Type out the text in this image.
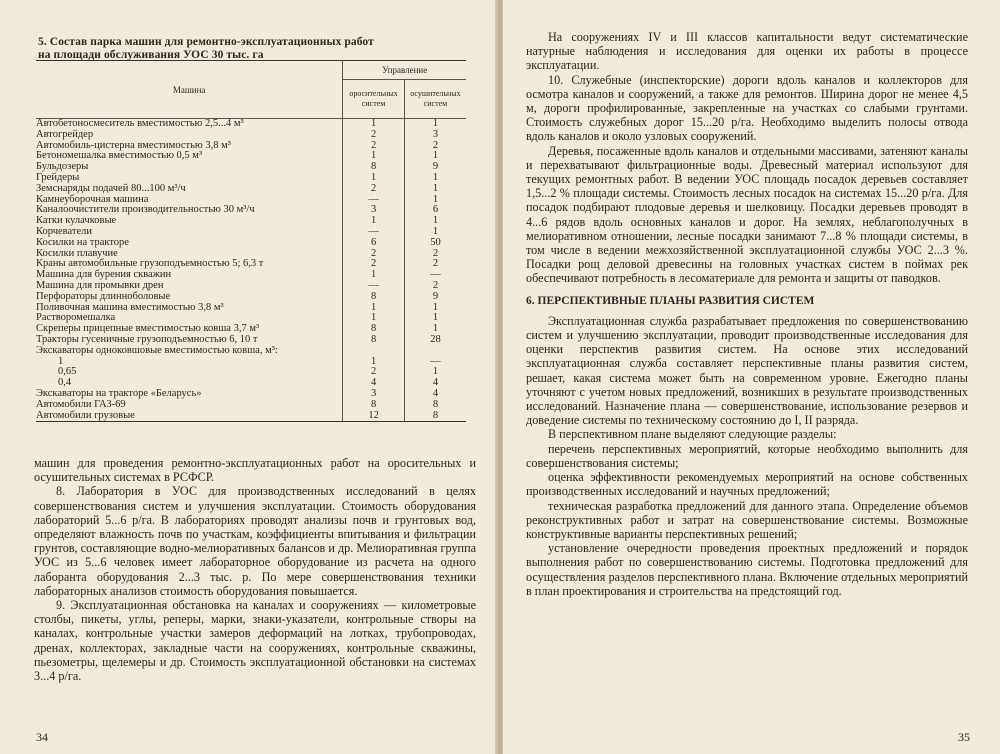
5. Состав парка машин для ремонтно-эксплуатационных работ
на площади обслуживания УОС 30 тыс. га
Машина	Управление	
	оросительных систем	осушительных систем
Автобетоносмеситель вместимостью 2,5...4 м³	1	1
Автогрейдер	2	3
Автомобиль-цистерна вместимостью 3,8 м³	2	2
Бетономешалка вместимостью 0,5 м³	1	1
Бульдозеры	8	9
Грейдеры	1	1
Земснаряды подачей 80...100 м³/ч	2	1
Камнеуборочная машина	—	1
Каналоочистители производительностью 30 м³/ч	3	6
Катки кулачковые	1	1
Корчеватели	—	1
Косилки на тракторе	6	50
Косилки плавучие	2	2
Краны автомобильные грузоподъемностью 5; 6,3 т	2	2
Машина для бурения скважин	1	—
Машина для промывки дрен	—	2
Перфораторы длинноболовые	8	9
Поливочная машина вместимостью 3,8 м³	1	1
Растворомешалка	1	1
Скреперы прицепные вместимостью ковша 3,7 м³	8	1
Тракторы гусеничные грузоподъемностью 6, 10 т	8	28
Экскаваторы одноковшовые вместимостью ковша, м³:		
1	1	—
0,65	2	1
0,4	4	4
Экскаваторы на тракторе «Беларусь»	3	4
Автомобили ГАЗ-69	8	8
Автомобили грузовые	12	8

машин для проведения ремонтно-эксплуатационных работ на оросительных и осушительных системах в РСФСР.

8. Лаборатория в УОС для производственных исследований в целях совершенствования систем и улучшения эксплуатации. Стоимость оборудования лабораторий 5...6 р/га. В лабораториях проводят анализы почв и грунтовых вод, определяют влажность почв по участкам, коэффициенты впитывания и фильтрации грунтов, составляющие водно-мелиоративных балансов и др. Мелиоративная группа УОС из 5...6 человек имеет лабораторное оборудование из расчета на одного лаборанта оборудования 2...3 тыс. р. По мере совершенствования техники лабораторных анализов стоимость оборудования повышается.

9. Эксплуатационная обстановка на каналах и сооружениях — километровые столбы, пикеты, углы, реперы, марки, знаки-указатели, контрольные створы на каналах, контрольные участки замеров деформаций на лотках, трубопроводах, дренах, коллекторах, закладные части на сооружениях, контрольные скважины, пьезометры, щелемеры и др. Стоимость эксплуатационной обстановки на системах 3...4 р/га.

34

На сооружениях IV и III классов капитальности ведут систематические натурные наблюдения и исследования для оценки их работы в процессе эксплуатации.

10. Служебные (инспекторские) дороги вдоль каналов и коллекторов для осмотра каналов и сооружений, а также для ремонтов. Ширина дорог не менее 4,5 м, дороги профилированные, закрепленные на участках со слабыми грунтами. Стоимость служебных дорог 15...20 р/га. Необходимо выделить полосы отвода вдоль каналов и около узловых сооружений.

Деревья, посаженные вдоль каналов и отдельными массивами, затеняют каналы и перехватывают фильтрационные воды. Древесный материал используют для текущих ремонтных работ. В ведении УОС площадь посадок деревьев составляет 1,5...2 % площади системы. Стоимость лесных посадок на системах 15...20 р/га. Для посадок подбирают плодовые деревья и шелковицу. Посадки деревьев проводят в 4...6 рядов вдоль основных каналов и дорог. На землях, неблагополучных в мелиоративном отношении, лесные посадки занимают 7...8 % площади системы, в том числе в ведении межхозяйственной эксплуатационной службы УОС 2...3 %. Посадки рощ деловой древесины на головных участках систем в поймах рек обеспечивают потребность в лесоматериале для ремонта и защиты от паводков.

6. ПЕРСПЕКТИВНЫЕ ПЛАНЫ РАЗВИТИЯ СИСТЕМ

Эксплуатационная служба разрабатывает предложения по совершенствованию систем и улучшению эксплуатации, проводит производственные исследования для оценки перспектив развития систем. На основе этих исследований эксплуатационная служба составляет перспективные планы развития систем, решает, какая система может быть на современном уровне. Ежегодно планы уточняют с учетом новых предложений, возникших в результате производственных исследований. Назначение плана — совершенствование, использование резервов и доведение системы по техническому состоянию до I, II разряда.

В перспективном плане выделяют следующие разделы:

перечень перспективных мероприятий, которые необходимо выполнить для совершенствования системы;

оценка эффективности рекомендуемых мероприятий на основе собственных производственных исследований и научных предложений;

техническая разработка предложений для данного этапа. Определение объемов реконструктивных работ и затрат на совершенствование системы. Возможные конструктивные варианты перспективных решений;

установление очередности проведения проектных предложений и порядок выполнения работ по совершенствованию системы. Подготовка предложений для осуществления разделов перспективного плана. Включение отдельных мероприятий в план проектирования и строительства на предстоящий год.

35
